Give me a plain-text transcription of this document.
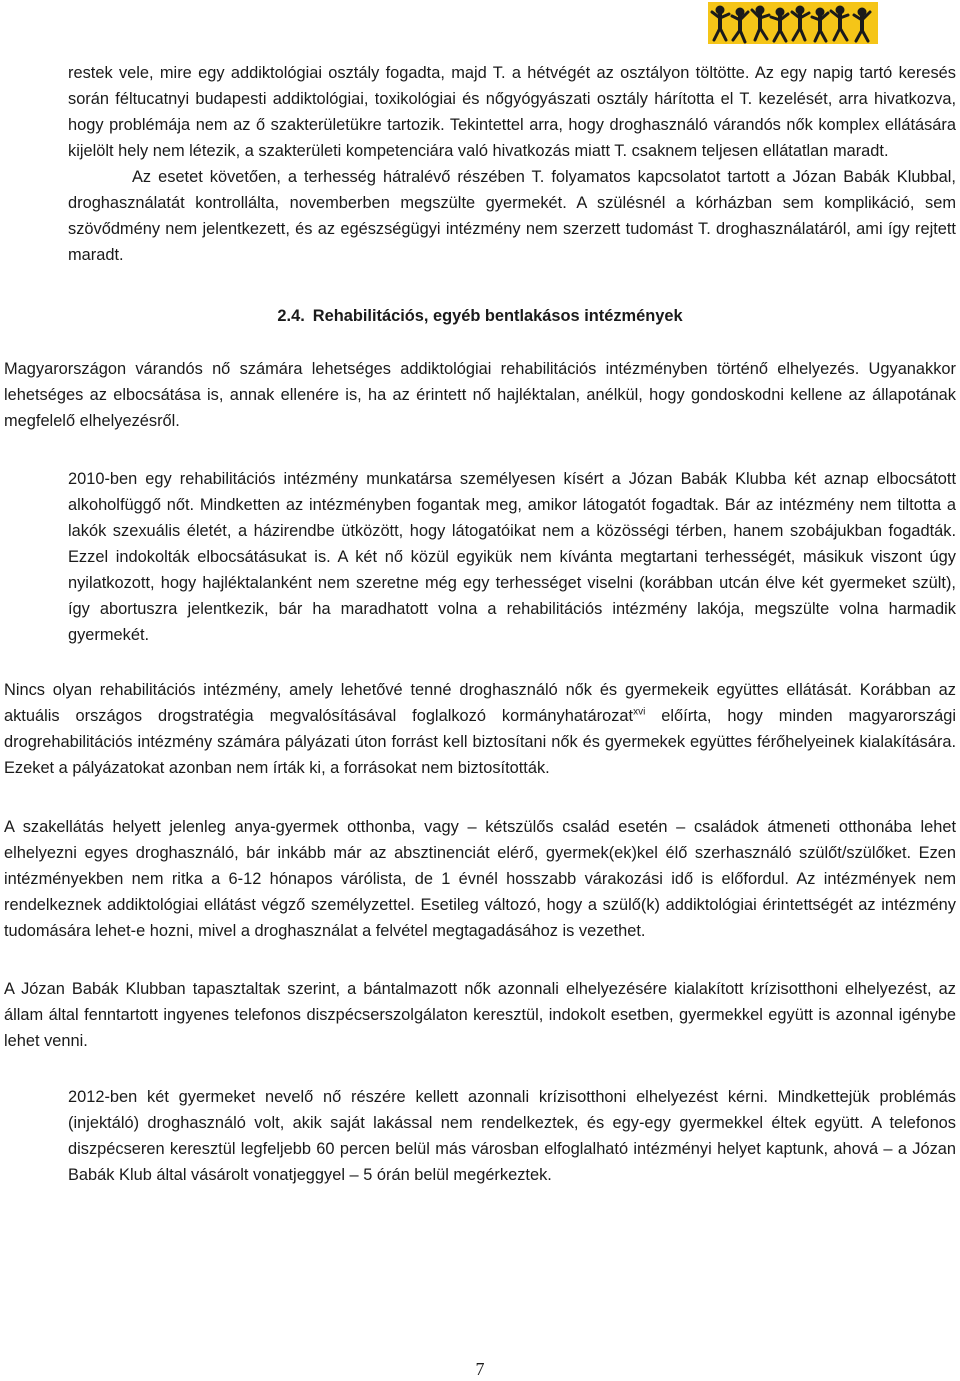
restek vele, mire egy addiktológiai osztály fogadta, majd T. a hétvégét az osztályon töltötte. Az egy napig tartó keresés során féltucatnyi budapesti addiktológiai, toxikológiai és nőgyógyászati osztály hárította el T. kezelését, arra hivatkozva, hogy problémája nem az ő szakterületükre tartozik. Tekintettel arra, hogy droghasználó várandós nők komplex ellátására kijelölt hely nem létezik, a szakterületi kompetenciára való hivatkozás miatt T. csaknem teljesen ellátatlan maradt.

Az esetet követően, a terhesség hátralévő részében T. folyamatos kapcsolatot tartott a Józan Babák Klubbal, droghasználatát kontrollálta, novemberben megszülte gyermekét. A szülésnél a kórházban sem komplikáció, sem szövődmény nem jelentkezett, és az egészségügyi intézmény nem szerzett tudomást T. droghasználatáról, ami így rejtett maradt.

2.4. Rehabilitációs, egyéb bentlakásos intézmények

Magyarországon várandós nő számára lehetséges addiktológiai rehabilitációs intézményben történő elhelyezés. Ugyanakkor lehetséges az elbocsátása is, annak ellenére is, ha az érintett nő hajléktalan, anélkül, hogy gondoskodni kellene az állapotának megfelelő elhelyezésről.

2010-ben egy rehabilitációs intézmény munkatársa személyesen kísért a Józan Babák Klubba két aznap elbocsátott alkoholfüggő nőt. Mindketten az intézményben fogantak meg, amikor látogatót fogadtak. Bár az intézmény nem tiltotta a lakók szexuális életét, a házirendbe ütközött, hogy látogatóikat nem a közösségi térben, hanem szobájukban fogadták. Ezzel indokolták elbocsátásukat is. A két nő közül egyikük nem kívánta megtartani terhességét, másikuk viszont úgy nyilatkozott, hogy hajléktalanként nem szeretne még egy terhességet viselni (korábban utcán élve két gyermeket szült), így abortuszra jelentkezik, bár ha maradhatott volna a rehabilitációs intézmény lakója, megszülte volna harmadik gyermekét.

Nincs olyan rehabilitációs intézmény, amely lehetővé tenné droghasználó nők és gyermekeik együttes ellátását. Korábban az aktuális országos drogstratégia megvalósításával foglalkozó kormányhatározat$^{xvi}$ előírta, hogy minden magyarországi drogrehabilitációs intézmény számára pályázati úton forrást kell biztosítani nők és gyermekek együttes férőhelyeinek kialakítására. Ezeket a pályázatokat azonban nem írták ki, a forrásokat nem biztosították.

A szakellátás helyett jelenleg anya-gyermek otthonba, vagy – kétszülős család esetén – családok átmeneti otthonába lehet elhelyezni egyes droghasználó, bár inkább már az absztinenciát elérő, gyermek(ek)kel élő szerhasználó szülőt/szülőket. Ezen intézményekben nem ritka a 6-12 hónapos várólista, de 1 évnél hosszabb várakozási idő is előfordul. Az intézmények nem rendelkeznek addiktológiai ellátást végző személyzettel. Esetileg változó, hogy a szülő(k) addiktológiai érintettségét az intézmény tudomására lehet-e hozni, mivel a droghasználat a felvétel megtagadásához is vezethet.

A Józan Babák Klubban tapasztaltak szerint, a bántalmazott nők azonnali elhelyezésére kialakított krízisotthoni elhelyezést, az állam által fenntartott ingyenes telefonos diszpécserszolgálaton keresztül, indokolt esetben, gyermekkel együtt is azonnal igénybe lehet venni.

2012-ben két gyermeket nevelő nő részére kellett azonnali krízisotthoni elhelyezést kérni. Mindkettejük problémás (injektáló) droghasználó volt, akik saját lakással nem rendelkeztek, és egy-egy gyermekkel éltek együtt. A telefonos diszpécseren keresztül legfeljebb 60 percen belül más városban elfoglalható intézményi helyet kaptunk, ahová – a Józan Babák Klub által vásárolt vonatjeggyel – 5 órán belül megérkeztek.

7
